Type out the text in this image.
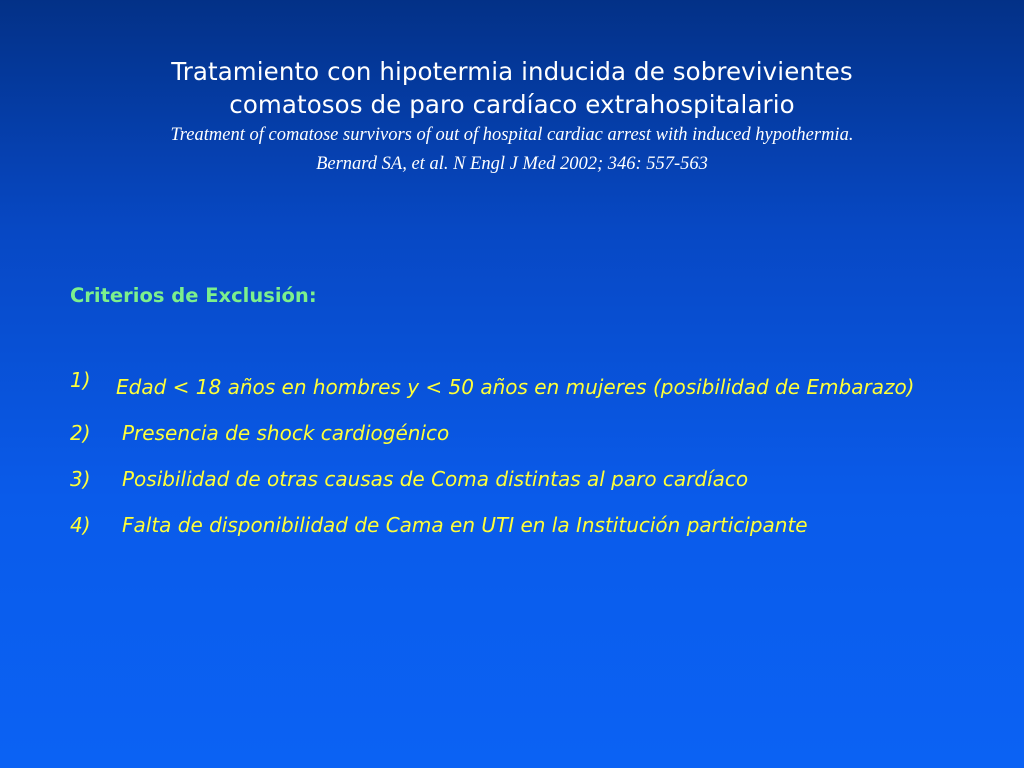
Tratamiento con hipotermia inducida de sobrevivientes
comatosos de paro cardíaco extrahospitalario
Treatment of comatose survivors of out of hospital cardiac arrest with induced hypothermia.
Bernard SA, et al. N Engl J Med 2002; 346: 557-563
Criterios de Exclusión:
1)	Edad < 18 años en hombres y < 50 años en mujeres (posibilidad de Embarazo)
2)	Presencia de shock cardiogénico
3)	Posibilidad de otras causas de Coma distintas al paro cardíaco
4)	Falta de disponibilidad de Cama en UTI en la Institución participante
